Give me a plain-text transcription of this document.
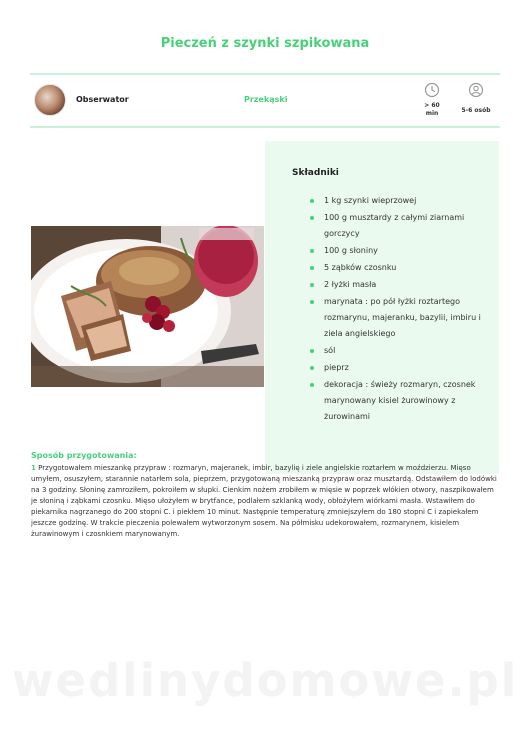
Pieczeń z szynki szpikowana
Obserwator	Przekąski
> 60 min	5-6 osób
Składniki
1 kg szynki wieprzowej
100 g musztardy z całymi ziarnami gorczycy
100 g słoniny
5 ząbków czosnku
2 łyżki masła
marynata : po pół łyżki roztartego rozmarynu, majeranku, bazylii, imbiru i ziela angielskiego
sól
pieprz
dekoracja : świeży rozmaryn, czosnek marynowany kisiel żurowinowy z żurowinami
Sposób przygotowania:
1 Przygotowałem mieszankę przypraw : rozmaryn, majeranek, imbir, bazylię i ziele angielskie roztarłem w moździerzu. Mięso umyłem, osuszyłem, starannie natarłem sola, pieprzem, przygotowaną mieszanką przypraw oraz musztardą. Odstawiłem do lodówki na 3 godziny. Słoninę zamroziłem, pokroiłem w słupki. Cienkim nożem zrobiłem w mięsie w poprzek włókien otwory, naszpikowałem je słoniną i ząbkami czosnku. Mięso ułożyłem w brytfance, podlałem szklanką wody, obłożyłem wiórkami masła. Wstawiłem do piekarnika nagrzanego do 200 stopni C. i piekłem 10 minut. Następnie temperaturę zmniejszyłem do 180 stopni C i zapiekałem jeszcze godzinę. W trakcie pieczenia polewałem wytworzonym sosem. Na półmisku udekorowałem, rozmarynem, kisielem żurawinowym i czosnkiem marynowanym.
wedlinydomowe.pl
